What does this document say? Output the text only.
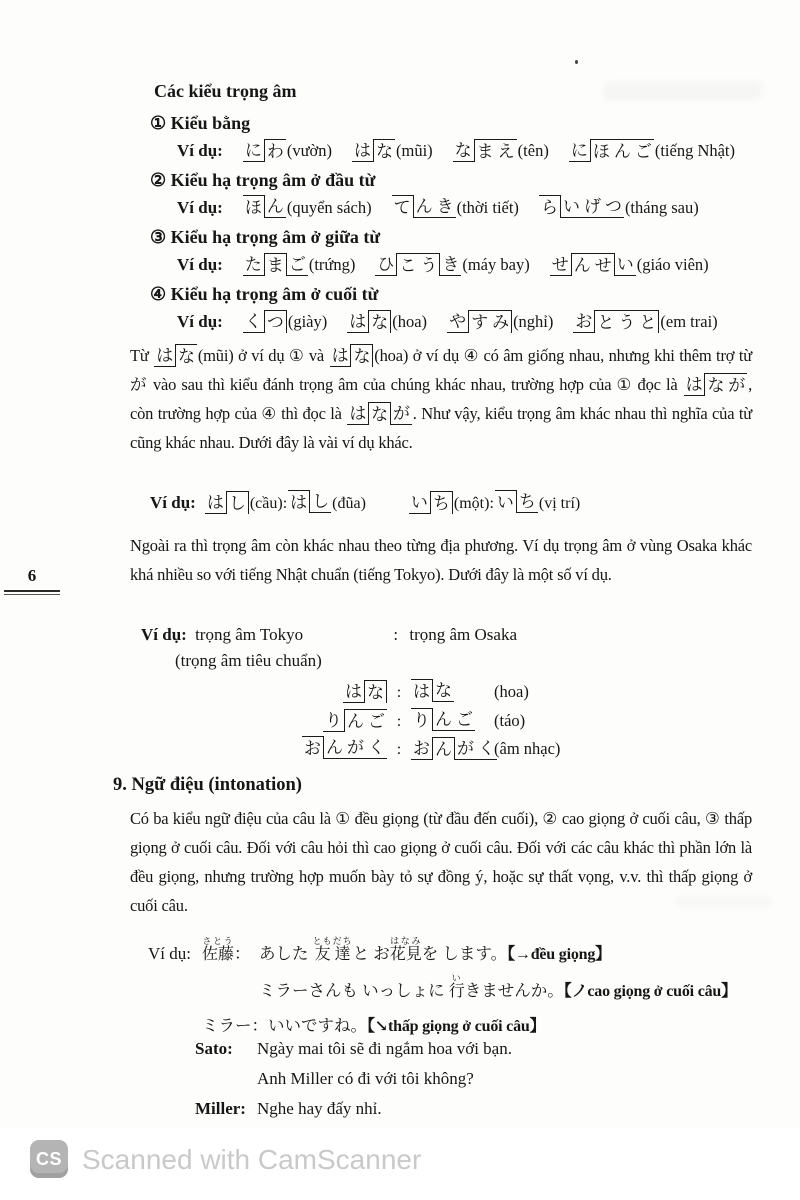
6
Các kiểu trọng âm
① Kiểu bằng
Ví dụ: に わ (vườn) は な (mũi) な ま え (tên) に ほ ん ご (tiếng Nhật)
② Kiểu hạ trọng âm ở đầu từ
Ví dụ: ほ ん (quyển sách) て ん き (thời tiết) ら い げ つ (tháng sau)
③ Kiểu hạ trọng âm ở giữa từ
Ví dụ: た ま ご (trứng) ひ こ う き (máy bay) せ ん せ い (giáo viên)
④ Kiểu hạ trọng âm ở cuối từ
Ví dụ: く つ (giày) は な (hoa) や す み (nghỉ) お と う と (em trai)

Từ は な (mũi) ở ví dụ ① và は な (hoa) ở ví dụ ④ có âm giống nhau, nhưng khi thêm trợ từ が vào sau thì kiểu đánh trọng âm của chúng khác nhau, trường hợp của ① đọc là は な が , còn trường hợp của ④ thì đọc là は な が . Như vậy, kiểu trọng âm khác nhau thì nghĩa của từ cũng khác nhau. Dưới đây là vài ví dụ khác.

Ví dụ: は し (cầu) : は し (đũa)	い ち (một) : い ち (vị trí)

Ngoài ra thì trọng âm còn khác nhau theo từng địa phương. Ví dụ trọng âm ở vùng Osaka khác khá nhiều so với tiếng Nhật chuẩn (tiếng Tokyo). Dưới đây là một số ví dụ.

Ví dụ: trọng âm Tokyo	: trọng âm Osaka
(trọng âm tiêu chuẩn)
は な : は な	(hoa)
り ん ご : り ん ご (táo)
お ん が く : お ん が く (âm nhạc)
9. Ngữ điệu (intonation)

Có ba kiểu ngữ điệu của câu là ① đều giọng (từ đầu đến cuối), ② cao giọng ở cuối câu, ③ thấp giọng ở cuối câu. Đối với câu hỏi thì cao giọng ở cuối câu. Đối với các câu khác thì phần lớn là đều giọng, nhưng trường hợp muốn bày tỏ sự đồng ý, hoặc sự thất vọng, v.v. thì thấp giọng ở cuối câu.

Ví dụ: 佐藤さとう： あした 友達ともだちと お花見はなみを します。【→đều giọng】
ミラーさんも いっしょに 行いきませんか。【ノcao giọng ở cuối câu】
ミラー： いいですね。【↘thấp giọng ở cuối câu】
Sato:	Ngày mai tôi sẽ đi ngắm hoa với bạn.
Anh Miller có đi với tôi không?
Miller: Nghe hay đấy nhỉ.
CS Scanned with CamScanner
